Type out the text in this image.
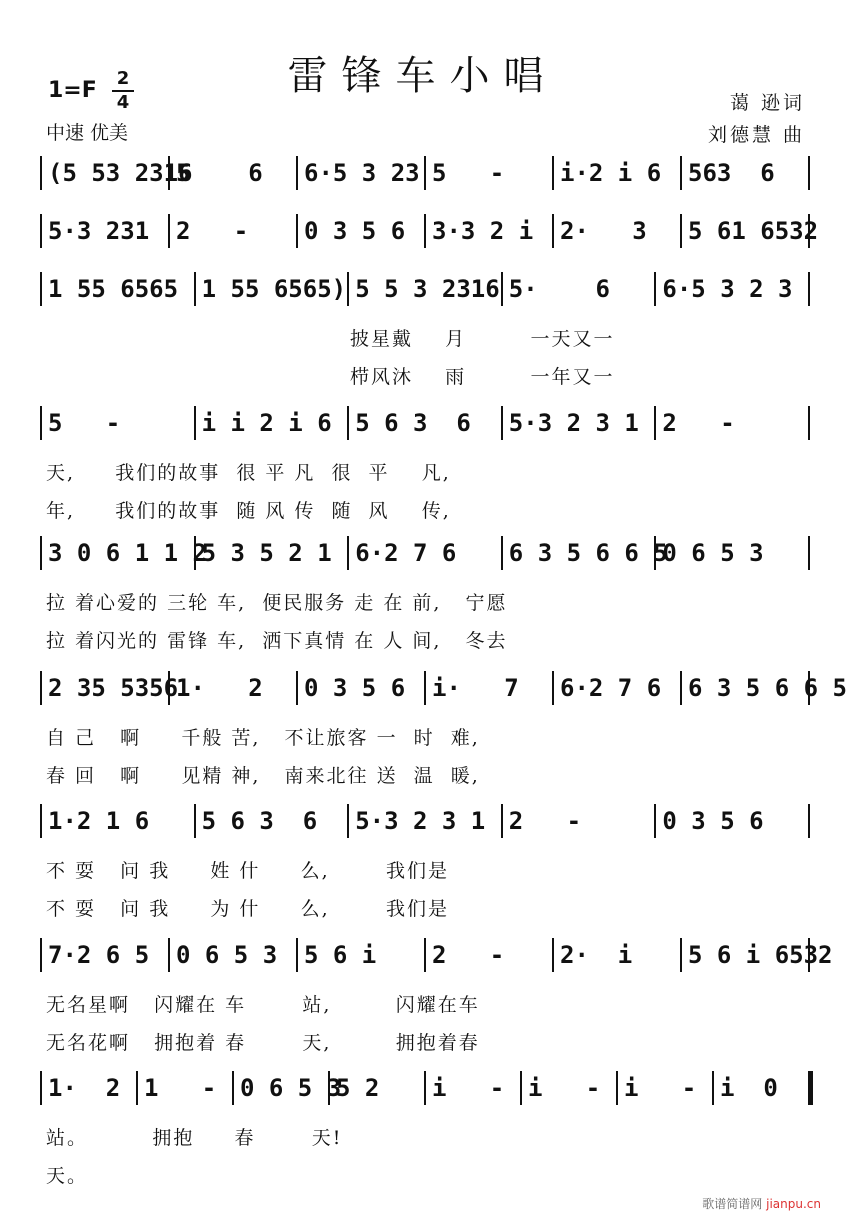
雷锋车小唱
1=F 2
4
中速 优美
蔼 逊词
刘德慧 曲
(5 53 2316
5    6	6·5 3 23 5   -	i·2 i 6	563  6
5·3 231	2   -	0 3 5 6	3·3 2 i	2·   3	5 61 6532
1 55 6565 1 55 6565) 5 5 3 2316 5·    6	6·5 3 2 3
披星戴    月        一天又一
栉风沐    雨        一年又一
5   -	i i 2 i 6 5 6 3  6	5·3 2 3 1 2   -
天,     我们的故事  很 平 凡  很  平    凡,
年,     我们的故事  随 风 传  随  风    传,
3 0 6 1 1 2
5 3 5 2 1 6·2 7 6	6 3 5 6 6 5
0 6 5 3
拉 着心爱的 三轮 车,  便民服务 走 在 前,   宁愿
拉 着闪光的 雷锋 车,  洒下真情 在 人 间,   冬去
2 35 5356
1·   2	0 3 5 6	i·   7	6·2 7 6	6 3 5 6 6 5
自 己   啊     千般 苦,   不让旅客 一  时  难,
春 回   啊     见精 神,   南来北往 送  温  暖,
1·2 1 6	5 6 3  6	5·3 2 3 1 2   -	0 3 5 6
不 耍   问 我     姓 什     么,       我们是
不 耍   问 我     为 什     么,       我们是
7·2 6 5	0 6 5 3	5 6 i	2   -	2·  i	5 6 i 6532
无名星啊   闪耀在 车       站,        闪耀在车
无名花啊   拥抱着 春       天,        拥抱着春
1·  2 1   - 0 6 5 3
5 2	i   - i   - i   - i  0
站。        拥抱     春       天!
天。
歌谱简谱网 jianpu.cn
